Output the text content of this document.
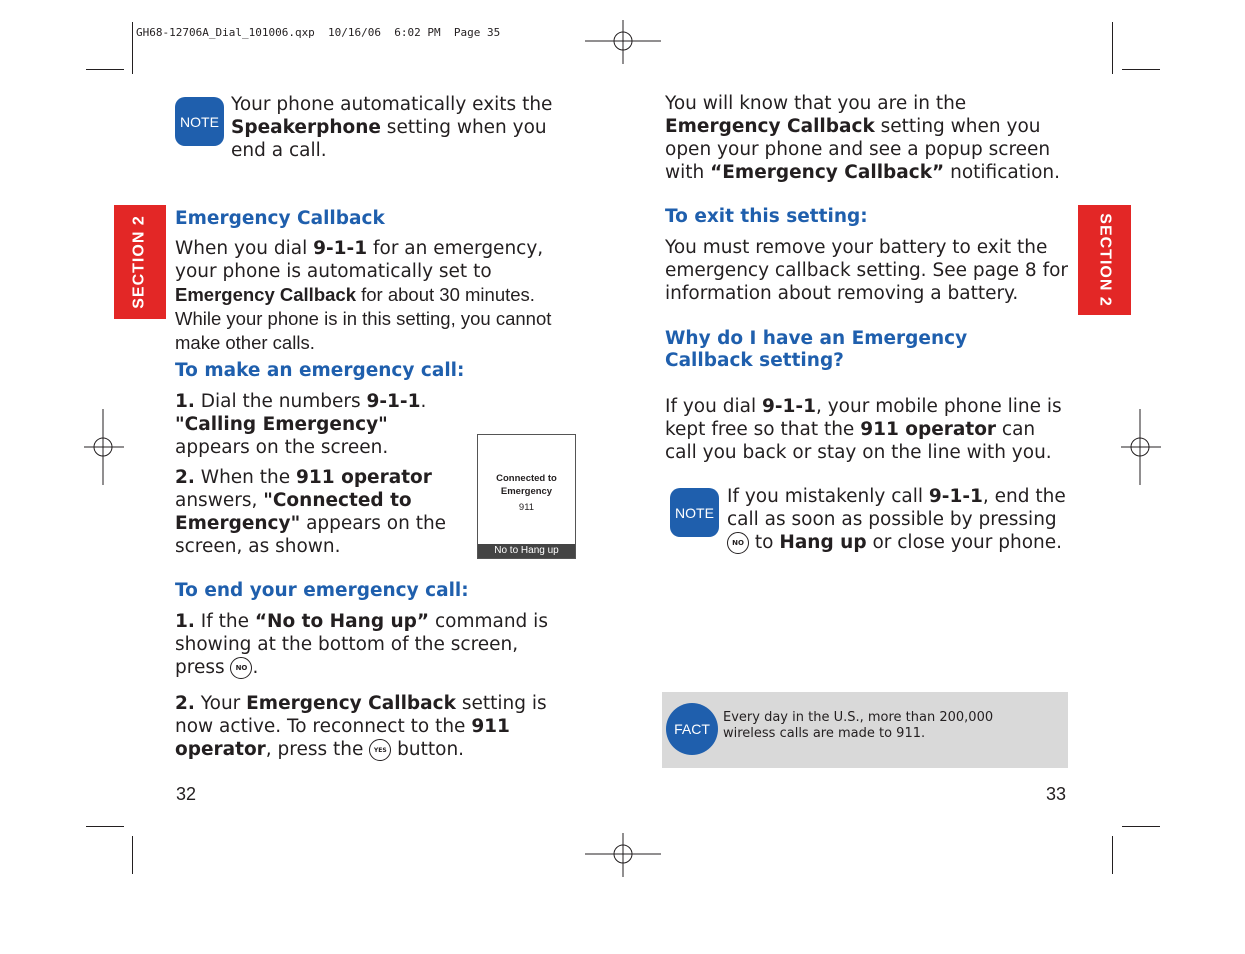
GH68-12706A_Dial_101006.qxp  10/16/06  6:02 PM  Page 35
SECTION 2	SECTION 2
NOTE
Your phone automatically exits the Speakerphone setting when you end a call.
Emergency Callback
When you dial 9-1-1 for an emergency, your phone is automatically set to Emergency Callback for about 30 minutes. While your phone is in this setting, you cannot make other calls.
To make an emergency call:
1. Dial the numbers 9-1-1.
"Calling Emergency"
appears on the screen.
2. When the 911 operator answers, "Connected to Emergency" appears on the screen, as shown.
Connected to
Emergency
911
No to Hang up
To end your emergency call:
1. If the “No to Hang up” command is showing at the bottom of the screen, press NO .
2. Your Emergency Callback setting is now active. To reconnect to the 911 operator, press the YES button.
32
You will know that you are in the Emergency Callback setting when you open your phone and see a popup screen with “Emergency Callback” notification.
To exit this setting:
You must remove your battery to exit the emergency callback setting. See page 8 for information about removing a battery.
Why do I have an Emergency
Callback setting?
If you dial 9-1-1, your mobile phone line is kept free so that the 911 operator can call you back or stay on the line with you.
NOTE
If you mistakenly call 9-1-1, end the call as soon as possible by pressing NO to Hang up or close your phone.
FACT
Every day in the U.S., more than 200,000
wireless calls are made to 911.
33
